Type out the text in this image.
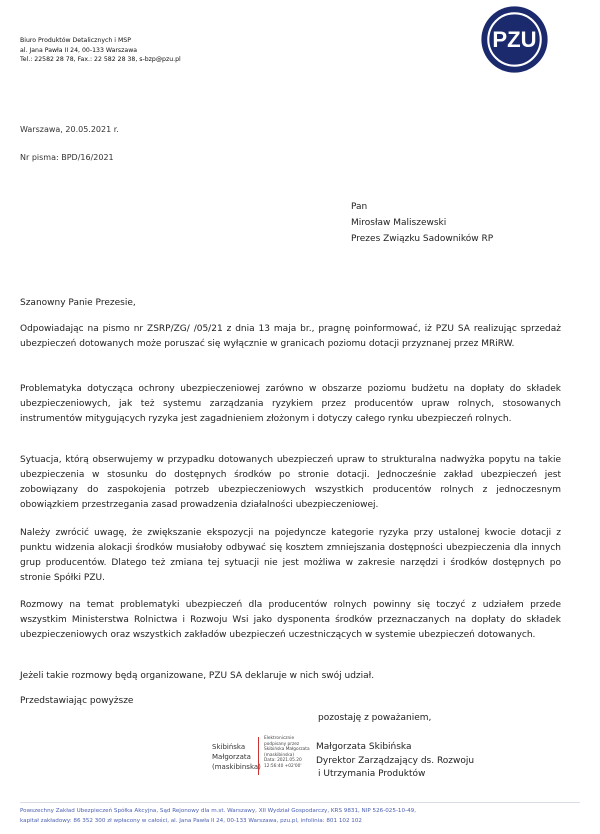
Biuro Produktów Detalicznych i MSP
al. Jana Pawła II 24, 00-133 Warszawa
Tel.: 22582 28 78, Fax.: 22 582 28 38, s-bzp@pzu.pl
PZU
Warszawa, 20.05.2021 r.
Nr pisma: BPD/16/2021
Pan
Mirosław Maliszewski
Prezes Związku Sadowników RP
Szanowny Panie Prezesie,
Odpowiadając na pismo nr ZSRP/ZG/ /05/21 z dnia 13 maja br., pragnę poinformować, iż PZU SA realizując sprzedaż ubezpieczeń dotowanych może poruszać się wyłącznie w granicach poziomu dotacji przyznanej przez MRiRW.
Problematyka dotycząca ochrony ubezpieczeniowej zarówno w obszarze poziomu budżetu na dopłaty do składek ubezpieczeniowych, jak też systemu zarządzania ryzykiem przez producentów upraw rolnych, stosowanych instrumentów mitygujących ryzyka jest zagadnieniem złożonym i dotyczy całego rynku ubezpieczeń rolnych.
Sytuacja, którą obserwujemy w przypadku dotowanych ubezpieczeń upraw to strukturalna nadwyżka popytu na takie ubezpieczenia w stosunku do dostępnych środków po stronie dotacji. Jednocześnie zakład ubezpieczeń jest zobowiązany do zaspokojenia potrzeb ubezpieczeniowych wszystkich producentów rolnych z jednoczesnym obowiązkiem przestrzegania zasad prowadzenia działalności ubezpieczeniowej.
Należy zwrócić uwagę, że zwiększanie ekspozycji na pojedyncze kategorie ryzyka przy ustalonej kwocie dotacji z punktu widzenia alokacji środków musiałoby odbywać się kosztem zmniejszania dostępności ubezpieczenia dla innych grup producentów. Dlatego też zmiana tej sytuacji nie jest możliwa w zakresie narzędzi i środków dostępnych po stronie Spółki PZU.
Rozmowy na temat problematyki ubezpieczeń dla producentów rolnych powinny się toczyć z udziałem przede wszystkim Ministerstwa Rolnictwa i Rozwoju Wsi jako dysponenta środków przeznaczanych na dopłaty do składek ubezpieczeniowych oraz wszystkich zakładów ubezpieczeń uczestniczących w systemie ubezpieczeń dotowanych.
Jeżeli takie rozmowy będą organizowane, PZU SA deklaruje w nich swój udział.
Przedstawiając powyższe
pozostaję z poważaniem,
Skibińska
Małgorzata
(maskibinska)
Elektronicznie
podpisany przez
Skibińska Małgorzata
(maskibinska)
Data: 2021.05.20
12:56:40 +02'00'
Małgorzata Skibińska
Dyrektor Zarządzający ds. Rozwoju
i Utrzymania Produktów
Powszechny Zakład Ubezpieczeń Spółka Akcyjna, Sąd Rejonowy dla m.st. Warszawy, XII Wydział Gospodarczy, KRS 9831, NIP 526-025-10-49,
kapitał zakładowy: 86 352 300 zł wpłacony w całości, al. Jana Pawła II 24, 00-133 Warszawa, pzu.pl, infolinia: 801 102 102
